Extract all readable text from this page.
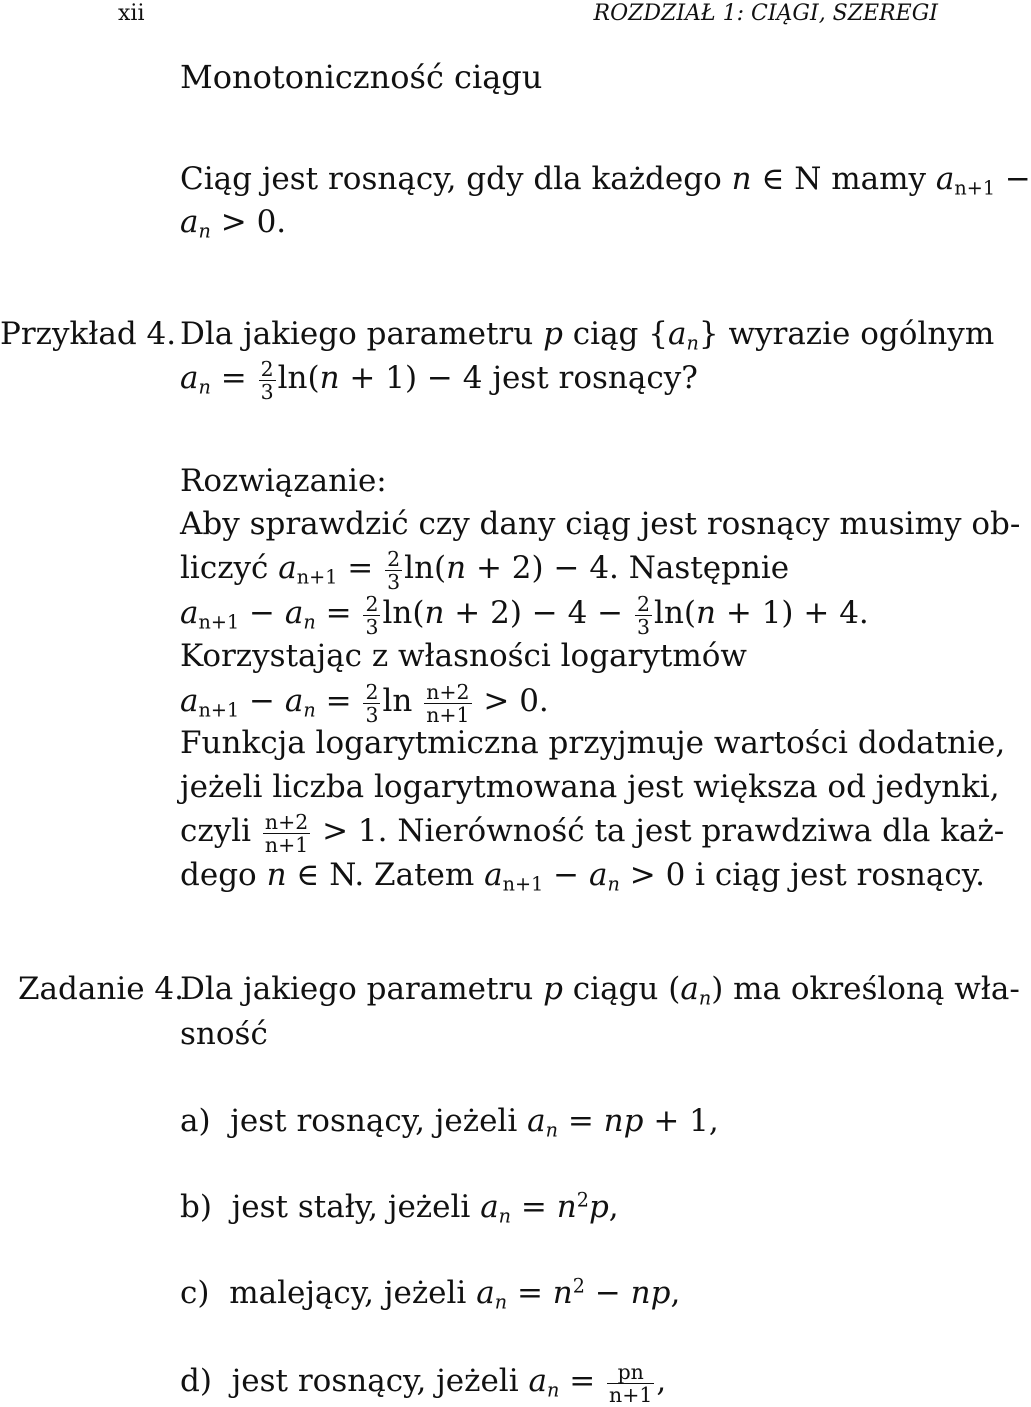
xii	ROZDZIAŁ 1: CIĄGI, SZEREGI
Monotoniczność ciągu
Ciąg jest rosnący, gdy dla każdego n ∈ N mamy $a_{n+1}$ −
$a_n > 0$.
Przykład 4. Dla jakiego parametru p ciąg $\{a_n\}$ wyrazie ogólnym
$a_n = \frac{2}{3} \ln(n + 1) - 4$ jest rosnący?
Rozwiązanie:
Aby sprawdzić czy dany ciąg jest rosnący musimy ob-
liczyć $a_{n+1} = \frac{2}{3} \ln(n + 2) - 4$. Następnie
$a_{n+1} - a_n = \frac{2}{3} \ln(n + 2) - 4 - \frac{2}{3} \ln(n + 1) + 4$.
Korzystając z własności logarytmów
$a_{n+1} - a_n = \frac{2}{3}$ $\ln \frac{n+2}{n+1} > 0$.
Funkcja logarytmiczna przyjmuje wartości dodatnie,
jeżeli liczba logarytmowana jest większa od jedynki,
czyli $\frac{n+2}{n+1} > 1$. Nierówność ta jest prawdziwa dla każ-
dego n ∈ N. Zatem $a_{n+1} - a_n > 0$ i ciąg jest rosnący.
Zadanie 4.
Dla jakiego parametru p ciągu $(a_n)$ ma określoną wła-
sność
a) jest rosnący, jeżeli $a_n$ = np + 1,
b) jest stały, jeżeli $a_n = n^2p$,
c) malejący, jeżeli $a_n = n^2$ − np,
d) jest rosnący, jeżeli $a_n = \frac{pn}{n+1}$ ,
